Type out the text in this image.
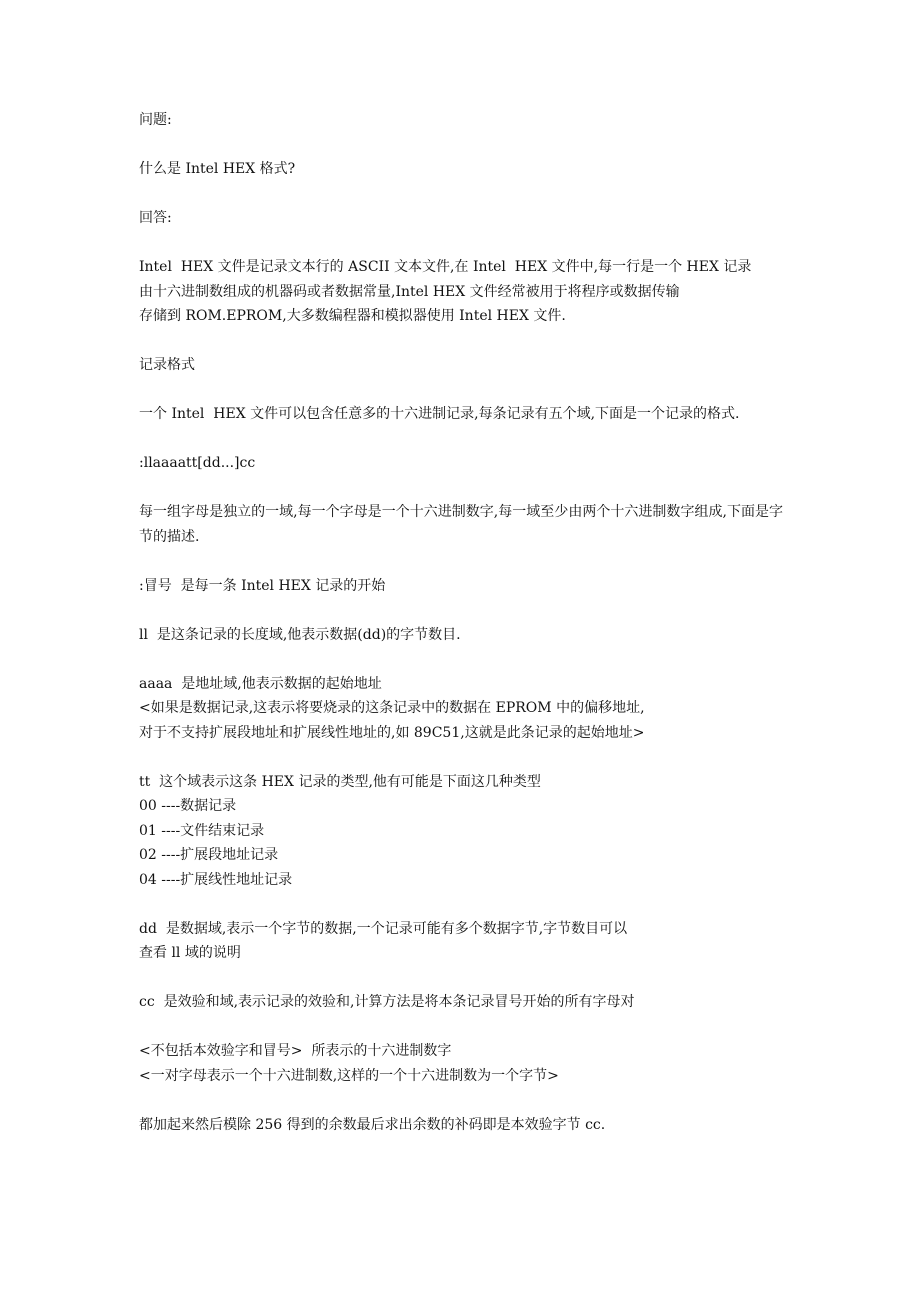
问题:

什么是 Intel HEX 格式?

回答:

Intel  HEX 文件是记录文本行的 ASCII 文本文件,在 Intel  HEX 文件中,每一行是一个 HEX 记录

由十六进制数组成的机器码或者数据常量,Intel HEX 文件经常被用于将程序或数据传输

存储到 ROM.EPROM,大多数编程器和模拟器使用 Intel HEX 文件.

记录格式

一个 Intel  HEX 文件可以包含任意多的十六进制记录,每条记录有五个域,下面是一个记录的格式.

:llaaaatt[dd...]cc

每一组字母是独立的一域,每一个字母是一个十六进制数字,每一域至少由两个十六进制数字组成,下面是字节的描述.

:冒号  是每一条 Intel HEX 记录的开始

ll  是这条记录的长度域,他表示数据(dd)的字节数目.

aaaa  是地址域,他表示数据的起始地址

<如果是数据记录,这表示将要烧录的这条记录中的数据在 EPROM 中的偏移地址,

对于不支持扩展段地址和扩展线性地址的,如 89C51,这就是此条记录的起始地址>

tt  这个域表示这条 HEX 记录的类型,他有可能是下面这几种类型

00 ----数据记录

01 ----文件结束记录

02 ----扩展段地址记录

04 ----扩展线性地址记录

dd  是数据域,表示一个字节的数据,一个记录可能有多个数据字节,字节数目可以

查看 ll 域的说明

cc  是效验和域,表示记录的效验和,计算方法是将本条记录冒号开始的所有字母对

<不包括本效验字和冒号>  所表示的十六进制数字

<一对字母表示一个十六进制数,这样的一个十六进制数为一个字节>

都加起来然后模除 256 得到的余数最后求出余数的补码即是本效验字节 cc.
